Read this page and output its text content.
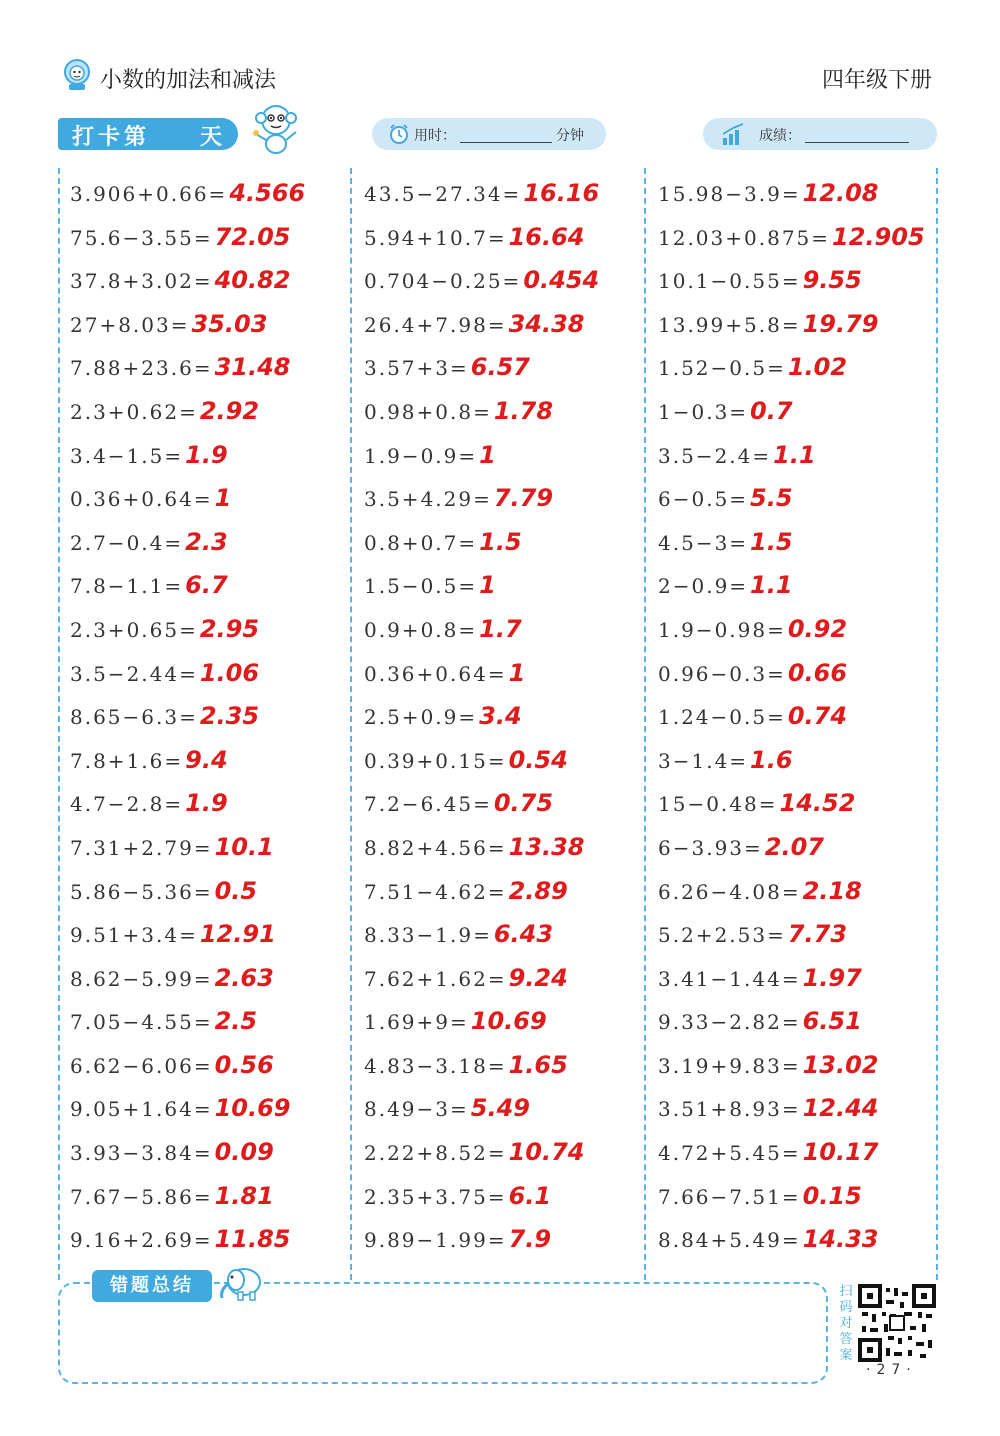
小数的加法和减法	四年级下册
打卡第 天	用时：	分钟	成绩：
3.906+0.66=4.566
75.6−3.55=72.05
37.8+3.02=40.82
27+8.03=35.03
7.88+23.6=31.48
2.3+0.62=2.92
3.4−1.5=1.9
0.36+0.64=1
2.7−0.4=2.3
7.8−1.1=6.7
2.3+0.65=2.95
3.5−2.44=1.06
8.65−6.3=2.35
7.8+1.6=9.4
4.7−2.8=1.9
7.31+2.79=10.1
5.86−5.36=0.5
9.51+3.4=12.91
8.62−5.99=2.63
7.05−4.55=2.5
6.62−6.06=0.56
9.05+1.64=10.69
3.93−3.84=0.09
7.67−5.86=1.81
9.16+2.69=11.85
43.5−27.34=16.16
5.94+10.7=16.64
0.704−0.25=0.454
26.4+7.98=34.38
3.57+3=6.57
0.98+0.8=1.78
1.9−0.9=1
3.5+4.29=7.79
0.8+0.7=1.5
1.5−0.5=1
0.9+0.8=1.7
0.36+0.64=1
2.5+0.9=3.4
0.39+0.15=0.54
7.2−6.45=0.75
8.82+4.56=13.38
7.51−4.62=2.89
8.33−1.9=6.43
7.62+1.62=9.24
1.69+9=10.69
4.83−3.18=1.65
8.49−3=5.49
2.22+8.52=10.74
2.35+3.75=6.1
9.89−1.99=7.9
15.98−3.9=12.08
12.03+0.875=12.905
10.1−0.55=9.55
13.99+5.8=19.79
1.52−0.5=1.02
1−0.3=0.7
3.5−2.4=1.1
6−0.5=5.5
4.5−3=1.5
2−0.9=1.1
1.9−0.98=0.92
0.96−0.3=0.66
1.24−0.5=0.74
3−1.4=1.6
15−0.48=14.52
6−3.93=2.07
6.26−4.08=2.18
5.2+2.53=7.73
3.41−1.44=1.97
9.33−2.82=6.51
3.19+9.83=13.02
3.51+8.93=12.44
4.72+5.45=10.17
7.66−7.51=0.15
8.84+5.49=14.33
错题总结	扫
码
对
答
案
·27·
